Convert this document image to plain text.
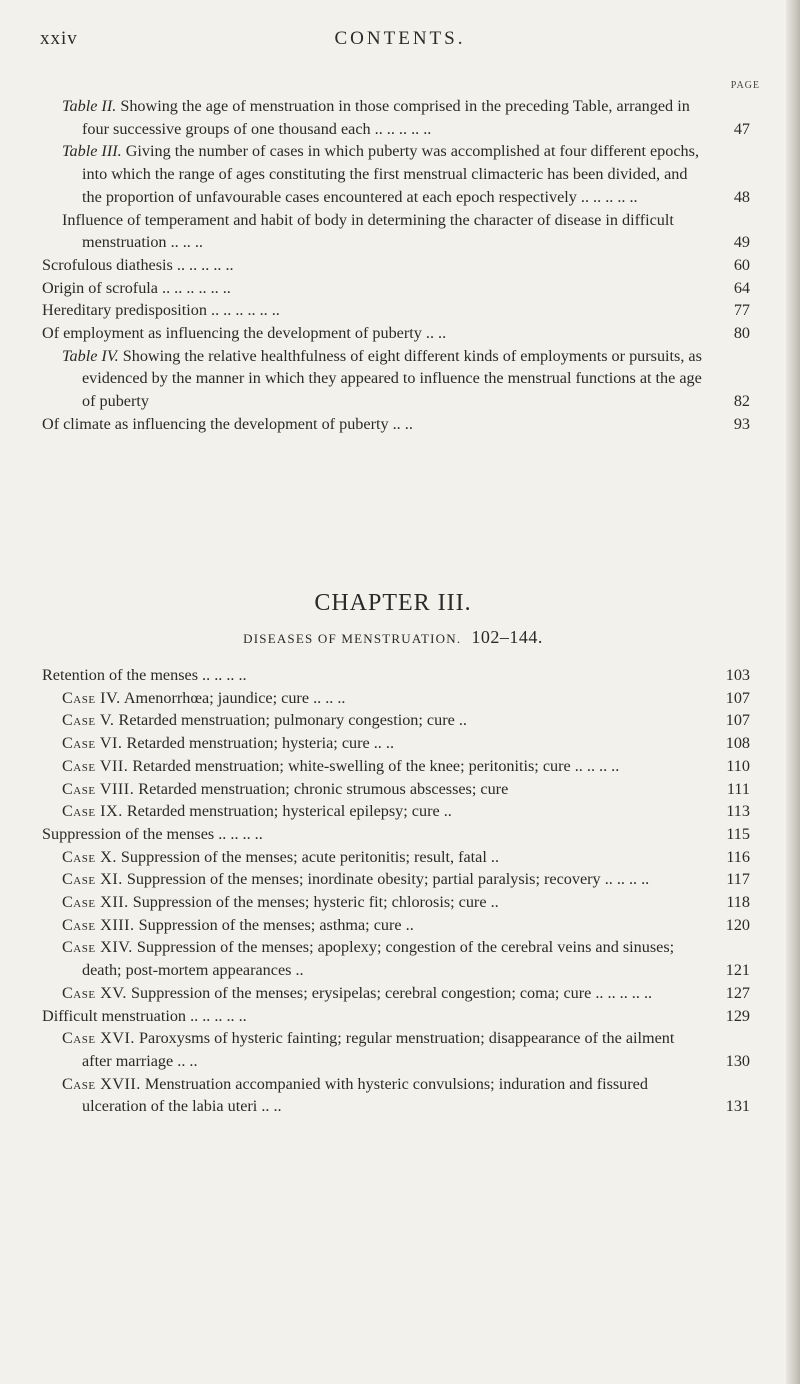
xxiv	CONTENTS.
PAGE
Table II. Showing the age of menstruation in those comprised in the preceding Table, arranged in four successive groups of one thousand each .. .. .. .. ..	47
Table III. Giving the number of cases in which puberty was accomplished at four different epochs, into which the range of ages constituting the first menstrual climacteric has been divided, and the proportion of unfavourable cases encountered at each epoch respectively .. .. .. .. ..	48
Influence of temperament and habit of body in determining the character of disease in difficult menstruation .. .. ..	49
Scrofulous diathesis .. .. .. .. ..	60
Origin of scrofula .. .. .. .. .. ..	64
Hereditary predisposition .. .. .. .. .. ..	77
Of employment as influencing the development of puberty .. ..	80
Table IV. Showing the relative healthfulness of eight different kinds of employments or pursuits, as evidenced by the manner in which they appeared to influence the menstrual functions at the age of puberty	82
Of climate as influencing the development of puberty .. ..	93
CHAPTER III.
DISEASES OF MENSTRUATION. 102–144.
Retention of the menses .. .. .. ..	103
Case IV. Amenorrhœa; jaundice; cure .. .. ..	107
Case V. Retarded menstruation; pulmonary congestion; cure ..	107
Case VI. Retarded menstruation; hysteria; cure .. ..	108
Case VII. Retarded menstruation; white-swelling of the knee; peritonitis; cure .. .. .. ..	110
Case VIII. Retarded menstruation; chronic strumous abscesses; cure	111
Case IX. Retarded menstruation; hysterical epilepsy; cure ..	113
Suppression of the menses .. .. .. ..	115
Case X. Suppression of the menses; acute peritonitis; result, fatal ..	116
Case XI. Suppression of the menses; inordinate obesity; partial paralysis; recovery .. .. .. ..	117
Case XII. Suppression of the menses; hysteric fit; chlorosis; cure ..	118
Case XIII. Suppression of the menses; asthma; cure ..	120
Case XIV. Suppression of the menses; apoplexy; congestion of the cerebral veins and sinuses; death; post-mortem appearances ..	121
Case XV. Suppression of the menses; erysipelas; cerebral congestion; coma; cure .. .. .. .. ..	127
Difficult menstruation .. .. .. .. ..	129
Case XVI. Paroxysms of hysteric fainting; regular menstruation; disappearance of the ailment after marriage .. ..	130
Case XVII. Menstruation accompanied with hysteric convulsions; induration and fissured ulceration of the labia uteri .. ..	131
